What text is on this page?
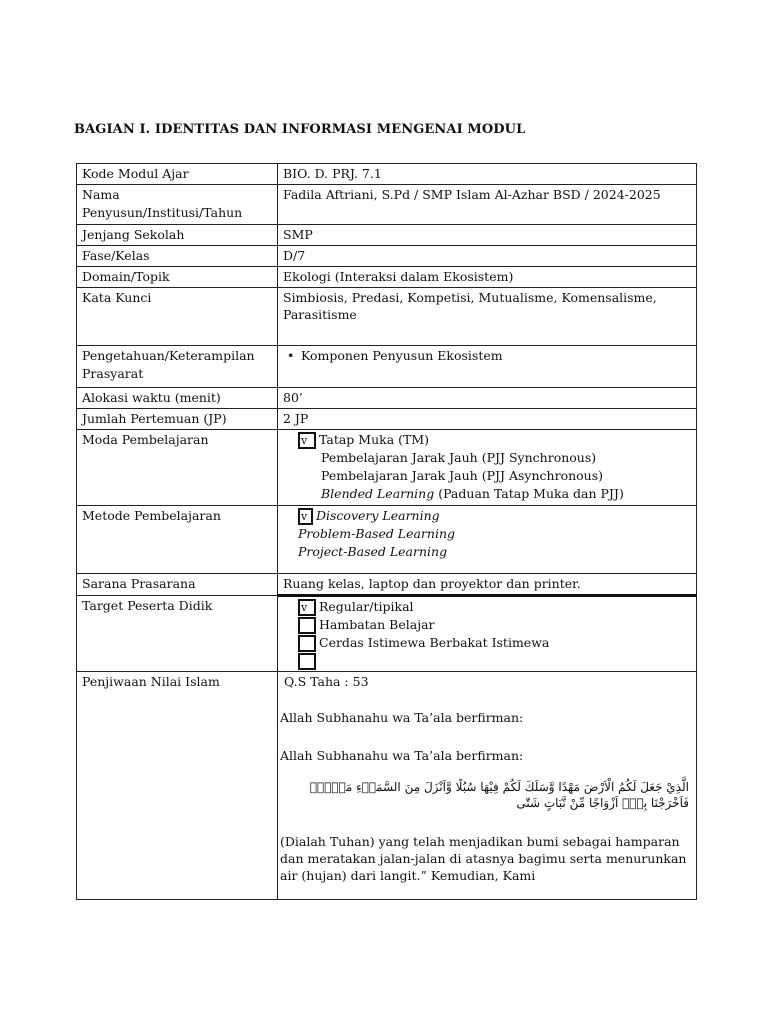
BAGIAN I. IDENTITAS DAN INFORMASI MENGENAI MODUL
Kode Modul Ajar	BIO. D. PRJ. 7.1
Nama Penyusun/Institusi/Tahun	Fadila Aftriani, S.Pd / SMP Islam Al-Azhar BSD / 2024-2025
Jenjang Sekolah	SMP
Fase/Kelas	D/7
Domain/Topik	Ekologi (Interaksi dalam Ekosistem)
Kata Kunci	Simbiosis, Predasi, Kompetisi, Mutualisme, Komensalisme, Parasitisme
Pengetahuan/Keterampilan Prasyarat	• Komponen Penyusun Ekosistem

Alokasi waktu (menit)	80’
Jumlah Pertemuan (JP)	2 JP
Moda Pembelajaran	v Tatap Muka (TM)
Pembelajaran Jarak Jauh (PJJ Synchronous)
Pembelajaran Jarak Jauh (PJJ Asynchronous)
Blended Learning (Paduan Tatap Muka dan PJJ)

Metode Pembelajaran	v Discovery Learning
Problem-Based Learning
Project-Based Learning

Sarana Prasarana	Ruang kelas, laptop dan proyektor dan printer.
Target Peserta Didik	v Regular/tipikal
Hambatan Belajar
Cerdas Istimewa Berbakat Istimewa

Penjiwaan Nilai Islam	Q.S Taha : 53
Allah Subhanahu wa Ta’ala berfirman:
Allah Subhanahu wa Ta’ala berfirman:
الَّذِيْ جَعَلَ لَكُمُ الْاَرْضَ مَهْدًا وَّسَلَكَ لَكُمْ فِيْهَا سُبُلًا وَّاَنْزَلَ مِنَ السَّمَاۤءِ مَاۤءًۗ فَاَخْرَجْنَا بِهٖٓ اَزْوَاجًا مِّنْ نَّبَاتٍ شَتّٰى
(Dialah Tuhan) yang telah menjadikan bumi sebagai hamparan dan meratakan jalan-jalan di atasnya bagimu serta menurunkan air (hujan) dari langit.” Kemudian, Kami
